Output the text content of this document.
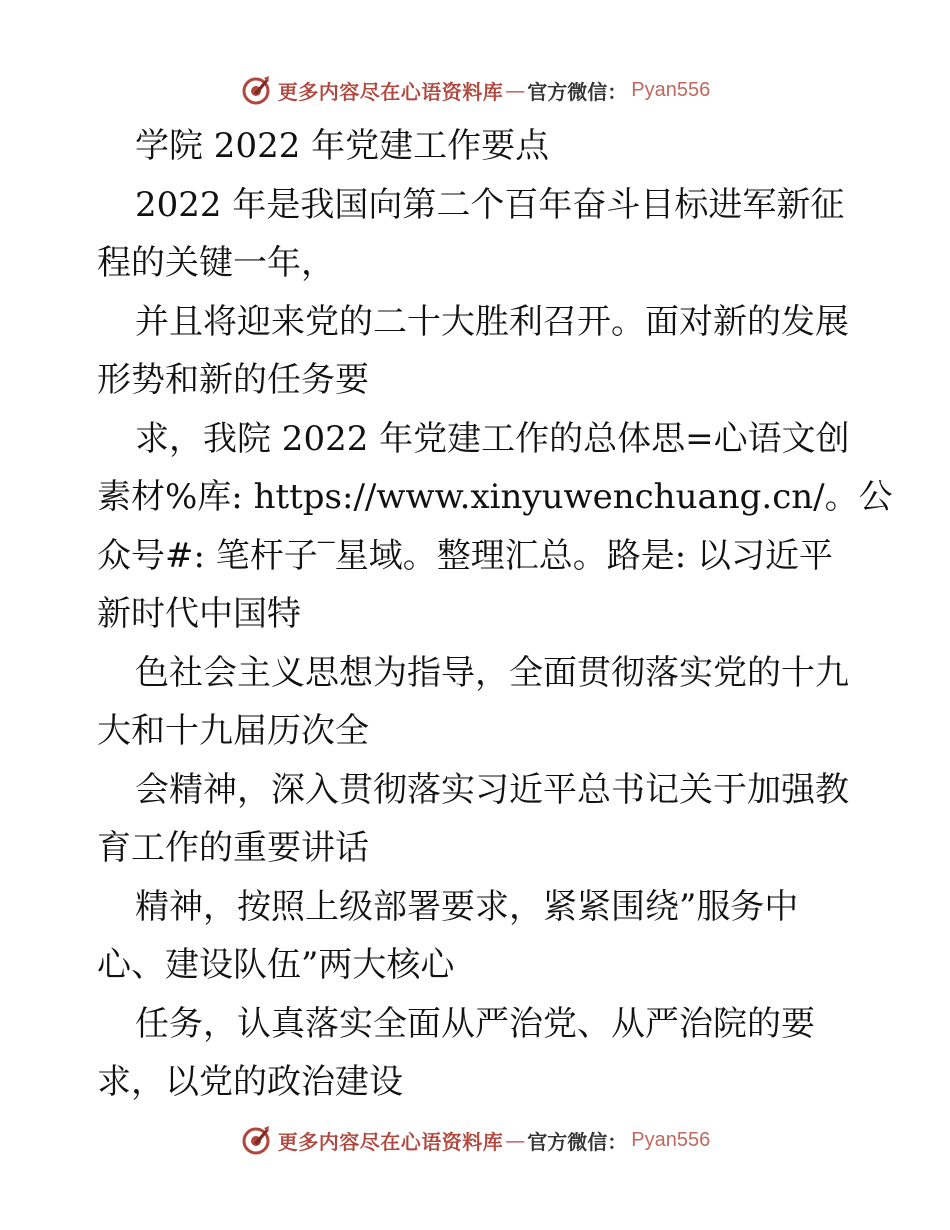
更多内容尽在心语资料库 — 官方微信： Pyan556
学院 2022 年党建工作要点
2022 年是我国向第二个百年奋斗目标进军新征
程的关键一年，
并且将迎来党的二十大胜利召开。面对新的发展
形势和新的任务要
求，我院 2022 年党建工作的总体思=心语文创
素材%库: https://www.xinyuwenchuang.cn/。公
众号#: 笔杆子‾星域。整理汇总。路是: 以习近平
新时代中国特
色社会主义思想为指导，全面贯彻落实党的十九
大和十九届历次全
会精神，深入贯彻落实习近平总书记关于加强教
育工作的重要讲话
精神，按照上级部署要求，紧紧围绕”服务中
心、建设队伍”两大核心
任务，认真落实全面从严治党、从严治院的要
求，以党的政治建设
更多内容尽在心语资料库 — 官方微信： Pyan556
